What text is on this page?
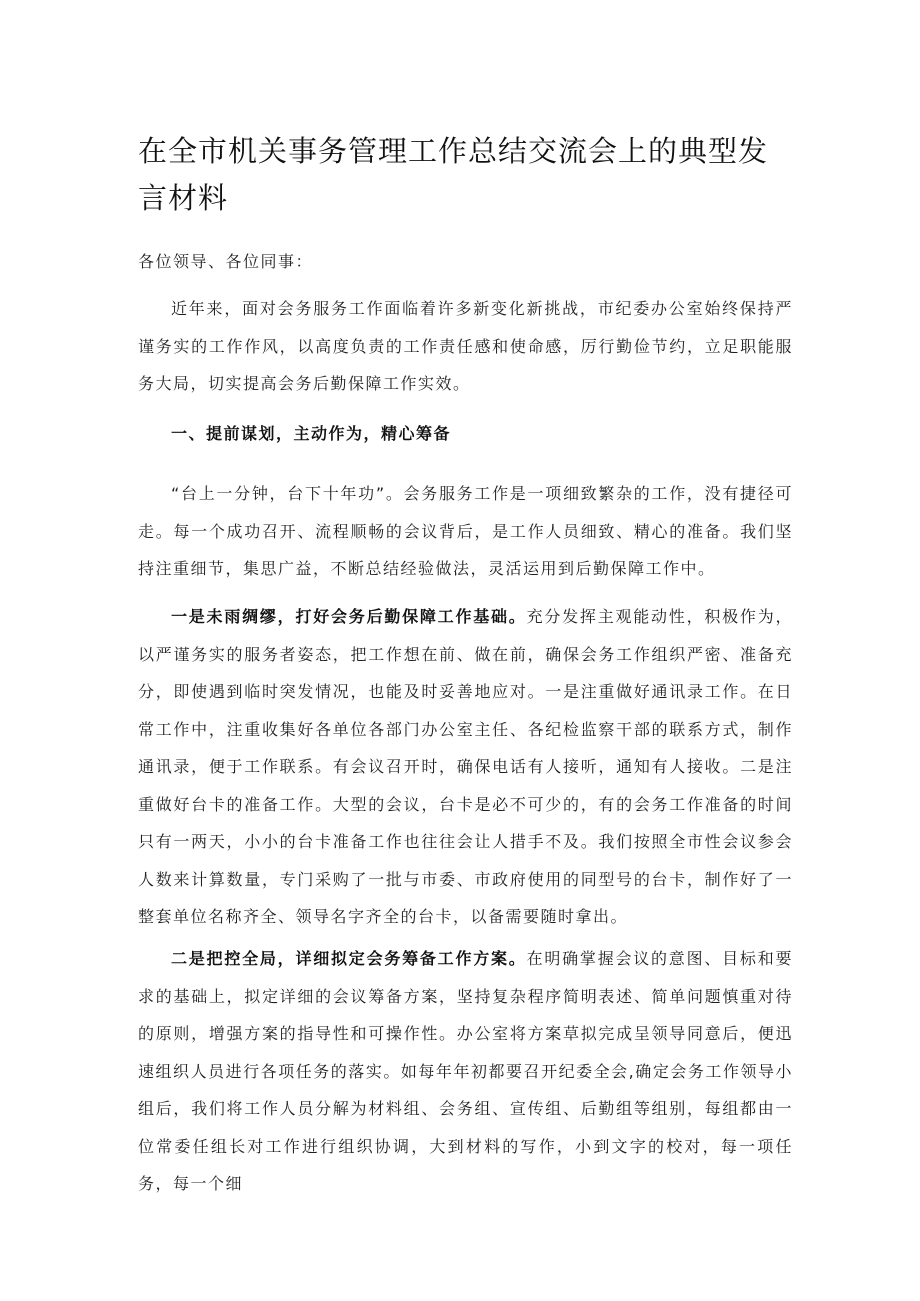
在全市机关事务管理工作总结交流会上的典型发言材料

各位领导、各位同事：

近年来，面对会务服务工作面临着许多新变化新挑战，市纪委办公室始终保持严谨务实的工作作风，以高度负责的工作责任感和使命感，厉行勤俭节约，立足职能服务大局，切实提高会务后勤保障工作实效。

一、提前谋划，主动作为，精心筹备

“台上一分钟，台下十年功”。会务服务工作是一项细致繁杂的工作，没有捷径可走。每一个成功召开、流程顺畅的会议背后，是工作人员细致、精心的准备。我们坚持注重细节，集思广益，不断总结经验做法，灵活运用到后勤保障工作中。

一是未雨绸缪，打好会务后勤保障工作基础。充分发挥主观能动性，积极作为，以严谨务实的服务者姿态，把工作想在前、做在前，确保会务工作组织严密、准备充分，即使遇到临时突发情况，也能及时妥善地应对。一是注重做好通讯录工作。在日常工作中，注重收集好各单位各部门办公室主任、各纪检监察干部的联系方式，制作通讯录，便于工作联系。有会议召开时，确保电话有人接听，通知有人接收。二是注重做好台卡的准备工作。大型的会议，台卡是必不可少的，有的会务工作准备的时间只有一两天，小小的台卡准备工作也往往会让人措手不及。我们按照全市性会议参会人数来计算数量，专门采购了一批与市委、市政府使用的同型号的台卡，制作好了一整套单位名称齐全、领导名字齐全的台卡，以备需要随时拿出。

二是把控全局，详细拟定会务筹备工作方案。在明确掌握会议的意图、目标和要求的基础上，拟定详细的会议筹备方案，坚持复杂程序简明表述、简单问题慎重对待的原则，增强方案的指导性和可操作性。办公室将方案草拟完成呈领导同意后，便迅速组织人员进行各项任务的落实。如每年年初都要召开纪委全会,确定会务工作领导小组后，我们将工作人员分解为材料组、会务组、宣传组、后勤组等组别，每组都由一位常委任组长对工作进行组织协调，大到材料的写作，小到文字的校对，每一项任务，每一个细
